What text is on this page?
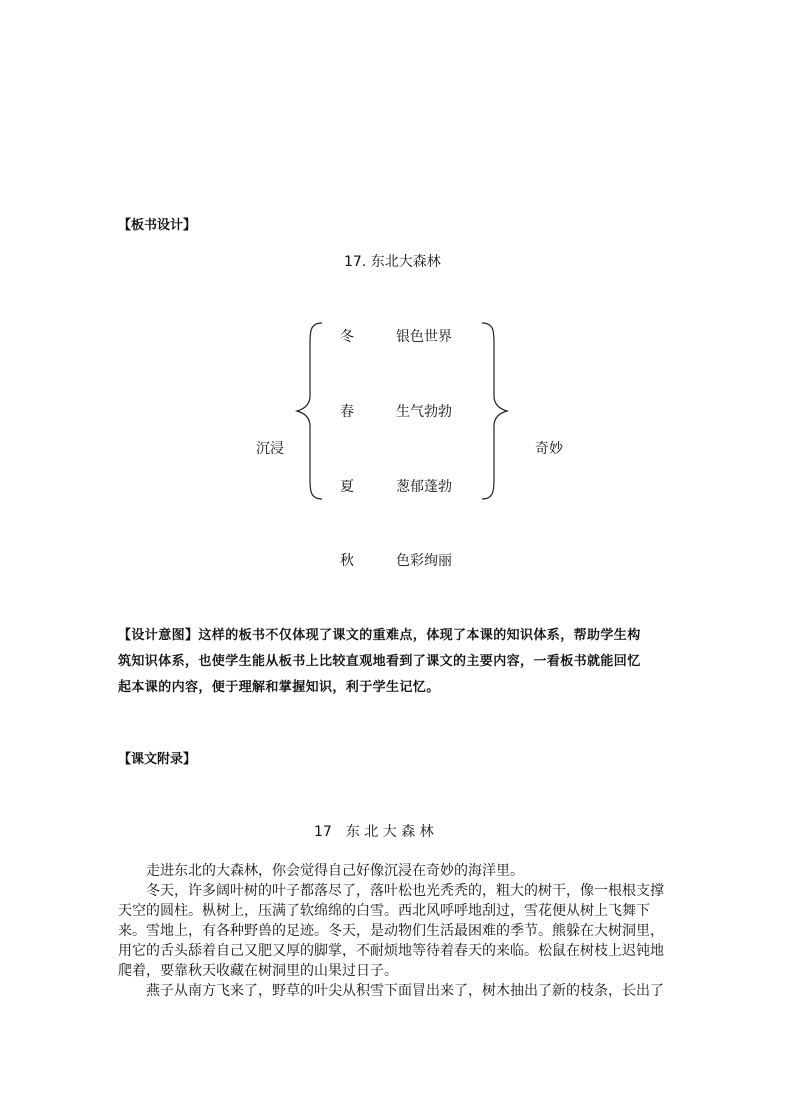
【板书设计】
17. 东北大森林
沉浸
冬	银色世界
春	生气勃勃
夏	葱郁蓬勃
奇妙
秋	色彩绚丽

【设计意图】这样的板书不仅体现了课文的重难点，体现了本课的知识体系，帮助学生构

筑知识体系，也使学生能从板书上比较直观地看到了课文的主要内容，一看板书就能回忆

起本课的内容，便于理解和掌握知识，利于学生记忆。

【课文附录】
17　东 北 大 森 林

　　走进东北的大森林，你会觉得自己好像沉浸在奇妙的海洋里。

　　冬天，许多阔叶树的叶子都落尽了，落叶松也光秃秃的，粗大的树干，像一根根支撑

天空的圆柱。枞树上，压满了软绵绵的白雪。西北风呼呼地刮过，雪花便从树上飞舞下

来。雪地上，有各种野兽的足迹。冬天，是动物们生活最困难的季节。熊躲在大树洞里，

用它的舌头舔着自己又肥又厚的脚掌，不耐烦地等待着春天的来临。松鼠在树枝上迟钝地

爬着，要靠秋天收藏在树洞里的山果过日子。

　　燕子从南方飞来了，野草的叶尖从积雪下面冒出来了，树木抽出了新的枝条，长出了
